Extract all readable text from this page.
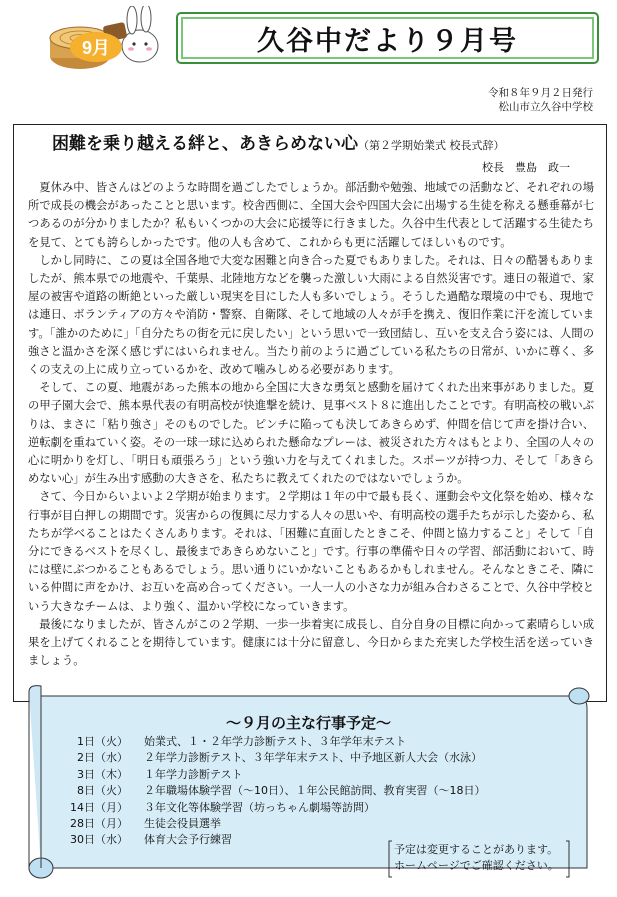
9月	久谷中だより９月号
令和８年９月２日発行
松山市立久谷中学校
困難を乗り越える絆と、あきらめない心（第２学期始業式 校長式辞）
校長　豊島　政一

夏休み中、皆さんはどのような時間を過ごしたでしょうか。部活動や勉強、地域での活動など、それぞれの場所で成長の機会があったことと思います。校舎西側に、全国大会や四国大会に出場する生徒を称える懸垂幕が七つあるのが分かりましたか？私もいくつかの大会に応援等に行きました。久谷中生代表として活躍する生徒たちを見て、とても誇らしかったです。他の人も含めて、これからも更に活躍してほしいものです。

しかし同時に、この夏は全国各地で大変な困難と向き合った夏でもありました。それは、日々の酷暑もありましたが、熊本県での地震や、千葉県、北陸地方などを襲った激しい大雨による自然災害です。連日の報道で、家屋の被害や道路の断絶といった厳しい現実を目にした人も多いでしょう。そうした過酷な環境の中でも、現地では連日、ボランティアの方々や消防・警察、自衛隊、そして地域の人々が手を携え、復旧作業に汗を流しています。「誰かのために」「自分たちの街を元に戻したい」という思いで一致団結し、互いを支え合う姿には、人間の強さと温かさを深く感じずにはいられません。当たり前のように過ごしている私たちの日常が、いかに尊く、多くの支えの上に成り立っているかを、改めて噛みしめる必要があります。

そして、この夏、地震があった熊本の地から全国に大きな勇気と感動を届けてくれた出来事がありました。夏の甲子園大会で、熊本県代表の有明高校が快進撃を続け、見事ベスト８に進出したことです。有明高校の戦いぶりは、まさに「粘り強さ」そのものでした。ピンチに陥っても決してあきらめず、仲間を信じて声を掛け合い、逆転劇を重ねていく姿。その一球一球に込められた懸命なプレーは、被災された方々はもとより、全国の人々の心に明かりを灯し、「明日も頑張ろう」という強い力を与えてくれました。スポーツが持つ力、そして「あきらめない心」が生み出す感動の大きさを、私たちに教えてくれたのではないでしょうか。

さて、今日からいよいよ２学期が始まります。２学期は１年の中で最も長く、運動会や文化祭を始め、様々な行事が目白押しの期間です。災害からの復興に尽力する人々の思いや、有明高校の選手たちが示した姿から、私たちが学べることはたくさんあります。それは、「困難に直面したときこそ、仲間と協力すること」そして「自分にできるベストを尽くし、最後まであきらめないこと」です。行事の準備や日々の学習、部活動において、時には壁にぶつかることもあるでしょう。思い通りにいかないこともあるかもしれません。そんなときこそ、隣にいる仲間に声をかけ、お互いを高め合ってください。一人一人の小さな力が組み合わさることで、久谷中学校という大きなチームは、より強く、温かい学校になっていきます。

最後になりましたが、皆さんがこの２学期、一歩一歩着実に成長し、自分自身の目標に向かって素晴らしい成果を上げてくれることを期待しています。健康には十分に留意し、今日からまた充実した学校生活を送っていきましょう。

～９月の主な行事予定～
1日（火） 始業式、１・２年学力診断テスト、３年学年末テスト
2日（水） ２年学力診断テスト、３年学年末テスト、中予地区新人大会（水泳）
3日（木） １年学力診断テスト
8日（火） ２年職場体験学習（～10日）、１年公民館訪問、教育実習（～18日）
14日（月） ３年文化等体験学習（坊っちゃん劇場等訪問）
28日（月） 生徒会役員選挙
30日（水） 体育大会予行練習
予定は変更することがあります。
ホームページでご確認ください。
